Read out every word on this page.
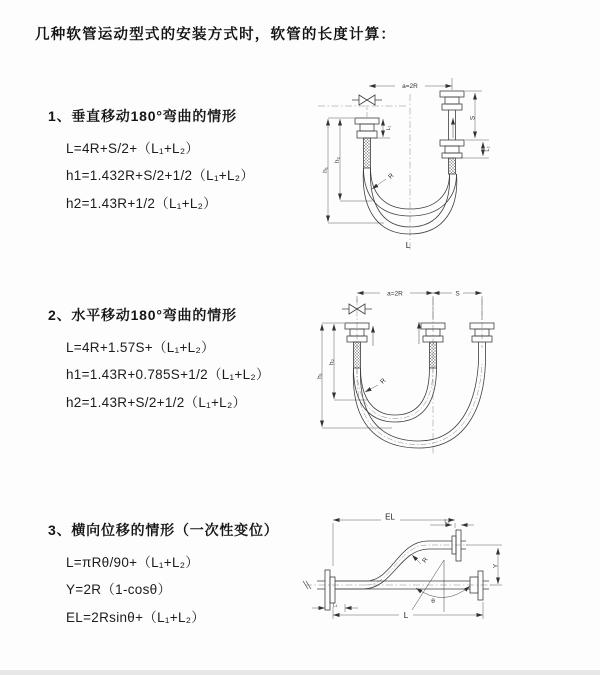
几种软管运动型式的安装方式时，软管的长度计算：
1、垂直移动180°弯曲的情形
L=4R+S/2+（L₁+L₂）
h1=1.432R+S/2+1/2（L₁+L₂）
h2=1.43R+1/2（L₁+L₂）
2、水平移动180°弯曲的情形
L=4R+1.57S+（L₁+L₂）
h1=1.43R+0.785S+1/2（L₁+L₂）
h2=1.43R+S/2+1/2（L₁+L₂）
3、横向位移的情形（一次性变位）
L=πRθ/90+（L₁+L₂）
Y=2R（1-cosθ）
EL=2Rsinθ+（L₁+L₂）
a=2R
S
L₂
L₁
h₁
h₂
R
L
a=2R	S
h₁
h₂
R
EL
L₂
Y
L
L₁
R
θ
